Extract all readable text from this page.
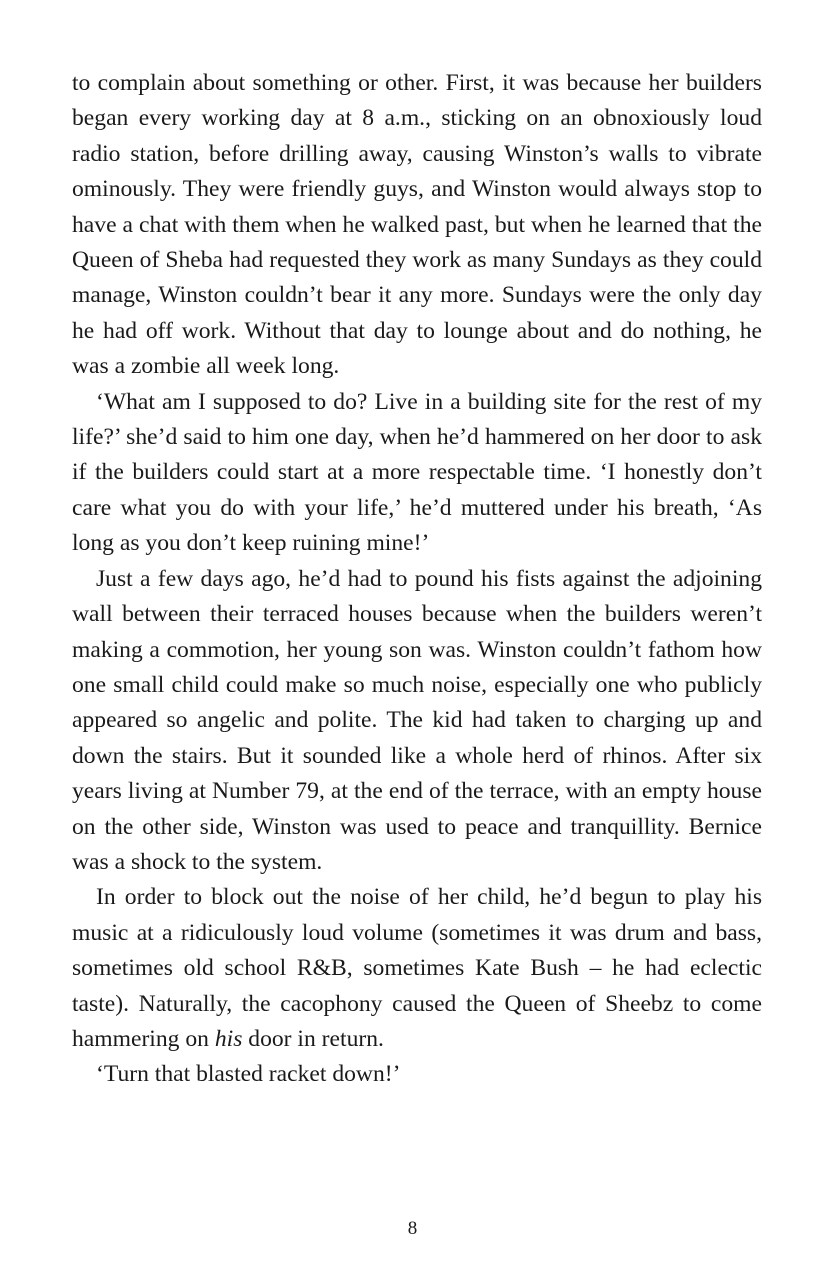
to complain about something or other. First, it was because her builders began every working day at 8 a.m., sticking on an obnoxiously loud radio station, before drilling away, causing Winston’s walls to vibrate ominously. They were friendly guys, and Winston would always stop to have a chat with them when he walked past, but when he learned that the Queen of Sheba had requested they work as many Sundays as they could manage, Winston couldn’t bear it any more. Sundays were the only day he had off work. Without that day to lounge about and do nothing, he was a zombie all week long.

‘What am I supposed to do? Live in a building site for the rest of my life?’ she’d said to him one day, when he’d hammered on her door to ask if the builders could start at a more respectable time. ‘I honestly don’t care what you do with your life,’ he’d muttered under his breath, ‘As long as you don’t keep ruining mine!’

Just a few days ago, he’d had to pound his fists against the adjoining wall between their terraced houses because when the builders weren’t making a commotion, her young son was. Winston couldn’t fathom how one small child could make so much noise, especially one who publicly appeared so angelic and polite. The kid had taken to charging up and down the stairs. But it sounded like a whole herd of rhinos. After six years living at Number 79, at the end of the terrace, with an empty house on the other side, Winston was used to peace and tranquillity. Bernice was a shock to the system.

In order to block out the noise of her child, he’d begun to play his music at a ridiculously loud volume (sometimes it was drum and bass, sometimes old school R&B, sometimes Kate Bush – he had eclectic taste). Naturally, the cacophony caused the Queen of Sheebz to come hammering on his door in return.

‘Turn that blasted racket down!’

8
